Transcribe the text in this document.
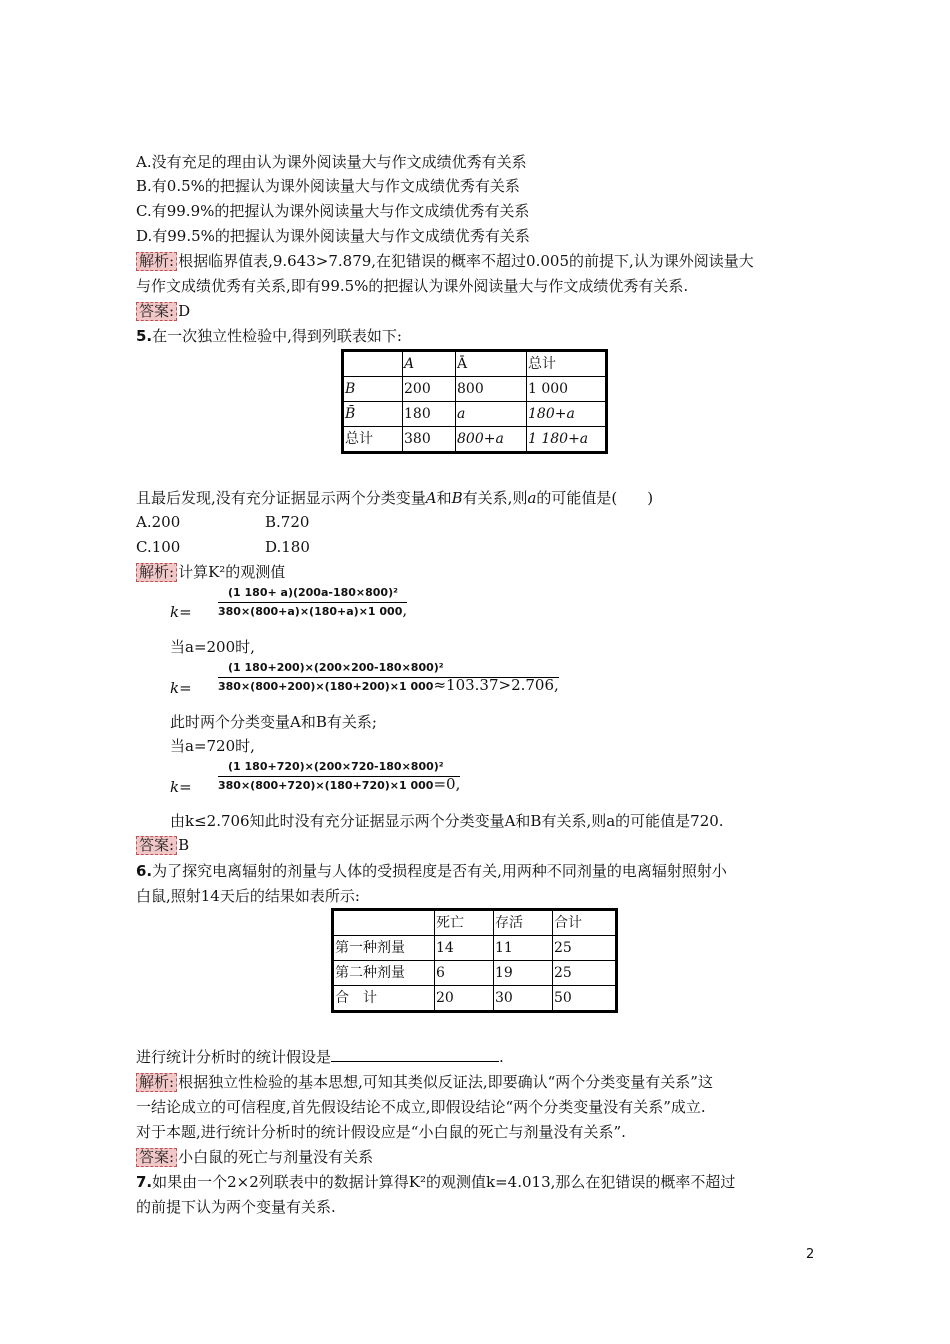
A.没有充足的理由认为课外阅读量大与作文成绩优秀有关系
B.有0.5%的把握认为课外阅读量大与作文成绩优秀有关系
C.有99.9%的把握认为课外阅读量大与作文成绩优秀有关系
D.有99.5%的把握认为课外阅读量大与作文成绩优秀有关系
解析: 根据临界值表,9.643>7.879,在犯错误的概率不超过0.005的前提下,认为课外阅读量大
与作文成绩优秀有关系,即有99.5%的把握认为课外阅读量大与作文成绩优秀有关系.
答案: D
5.在一次独立性检验中,得到列联表如下:
	A	Ā	总计
B	200	800	1 000
B̄	180	a	180+a
总计	380	800+a	1 180+a
且最后发现,没有充分证据显示两个分类变量A和B有关系,则a的可能值是(　　)
A.200	B.720
C.100	D.180
解析: 计算K²的观测值
k=
(1 180+ a)(200a-180×800)²
380×(800+a)×(180+a)×1 000,
当a=200时,
k=
(1 180+200)×(200×200-180×800)²
380×(800+200)×(180+200)×1 000≈103.37>2.706,
此时两个分类变量A和B有关系;
当a=720时,
k=
(1 180+720)×(200×720-180×800)²
380×(800+720)×(180+720)×1 000=0,
由k≤2.706知此时没有充分证据显示两个分类变量A和B有关系,则a的可能值是720.
答案: B
6.为了探究电离辐射的剂量与人体的受损程度是否有关,用两种不同剂量的电离辐射照射小
白鼠,照射14天后的结果如表所示:
	死亡	存活	合计
第一种剂量	14	11	25
第二种剂量	6	19	25
合　计	20	30	50
进行统计分析时的统计假设是	.
解析: 根据独立性检验的基本思想,可知其类似反证法,即要确认“两个分类变量有关系”这
一结论成立的可信程度,首先假设结论不成立,即假设结论“两个分类变量没有关系”成立.
对于本题,进行统计分析时的统计假设应是“小白鼠的死亡与剂量没有关系”.
答案: 小白鼠的死亡与剂量没有关系
7.如果由一个2×2列联表中的数据计算得K²的观测值k=4.013,那么在犯错误的概率不超过
的前提下认为两个变量有关系.
2
